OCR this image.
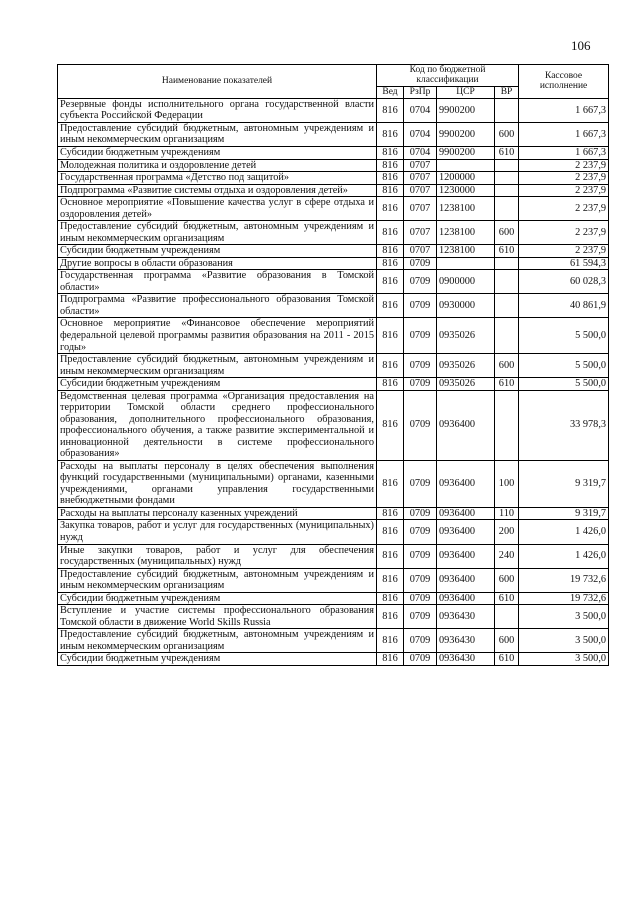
106
Наименование показателей	Код по бюджетной классификации				Кассовое исполнение
	Вед	РзПр	ЦСР	ВР	
Резервные фонды исполнительного органа государственной власти субъекта Российской Федерации	816	0704	9900200		1 667,3
Предоставление субсидий бюджетным, автономным учреждениям и иным некоммерческим организациям	816	0704	9900200	600	1 667,3
Субсидии бюджетным учреждениям	816	0704	9900200	610	1 667,3
Молодежная политика и оздоровление детей	816	0707			2 237,9
Государственная программа «Детство под защитой»	816	0707	1200000		2 237,9
Подпрограмма «Развитие системы отдыха и оздоровления детей»	816	0707	1230000		2 237,9
Основное мероприятие «Повышение качества услуг в сфере отдыха и оздоровления детей»	816	0707	1238100		2 237,9
Предоставление субсидий бюджетным, автономным учреждениям и иным некоммерческим организациям	816	0707	1238100	600	2 237,9
Субсидии бюджетным учреждениям	816	0707	1238100	610	2 237,9
Другие вопросы в области образования	816	0709			61 594,3
Государственная программа «Развитие образования в Томской области»	816	0709	0900000		60 028,3
Подпрограмма «Развитие профессионального образования Томской области»	816	0709	0930000		40 861,9
Основное мероприятие «Финансовое обеспечение мероприятий федеральной целевой программы развития образования на 2011 - 2015 годы»	816	0709	0935026		5 500,0
Предоставление субсидий бюджетным, автономным учреждениям и иным некоммерческим организациям	816	0709	0935026	600	5 500,0
Субсидии бюджетным учреждениям	816	0709	0935026	610	5 500,0
Ведомственная целевая программа «Организация предоставления на территории Томской области среднего профессионального образования, дополнительного профессионального образования, профессионального обучения, а также развитие экспериментальной и инновационной деятельности в системе профессионального образования»	816	0709	0936400		33 978,3
Расходы на выплаты персоналу в целях обеспечения выполнения функций государственными (муниципальными) органами, казенными учреждениями, органами управления государственными внебюджетными фондами	816	0709	0936400	100	9 319,7
Расходы на выплаты персоналу казенных учреждений	816	0709	0936400	110	9 319,7
Закупка товаров, работ и услуг для государственных (муниципальных) нужд	816	0709	0936400	200	1 426,0
Иные закупки товаров, работ и услуг для обеспечения государственных (муниципальных) нужд	816	0709	0936400	240	1 426,0
Предоставление субсидий бюджетным, автономным учреждениям и иным некоммерческим организациям	816	0709	0936400	600	19 732,6
Субсидии бюджетным учреждениям	816	0709	0936400	610	19 732,6
Вступление и участие системы профессионального образования Томской области в движение World Skills Russia	816	0709	0936430		3 500,0
Предоставление субсидий бюджетным, автономным учреждениям и иным некоммерческим организациям	816	0709	0936430	600	3 500,0
Субсидии бюджетным учреждениям	816	0709	0936430	610	3 500,0
